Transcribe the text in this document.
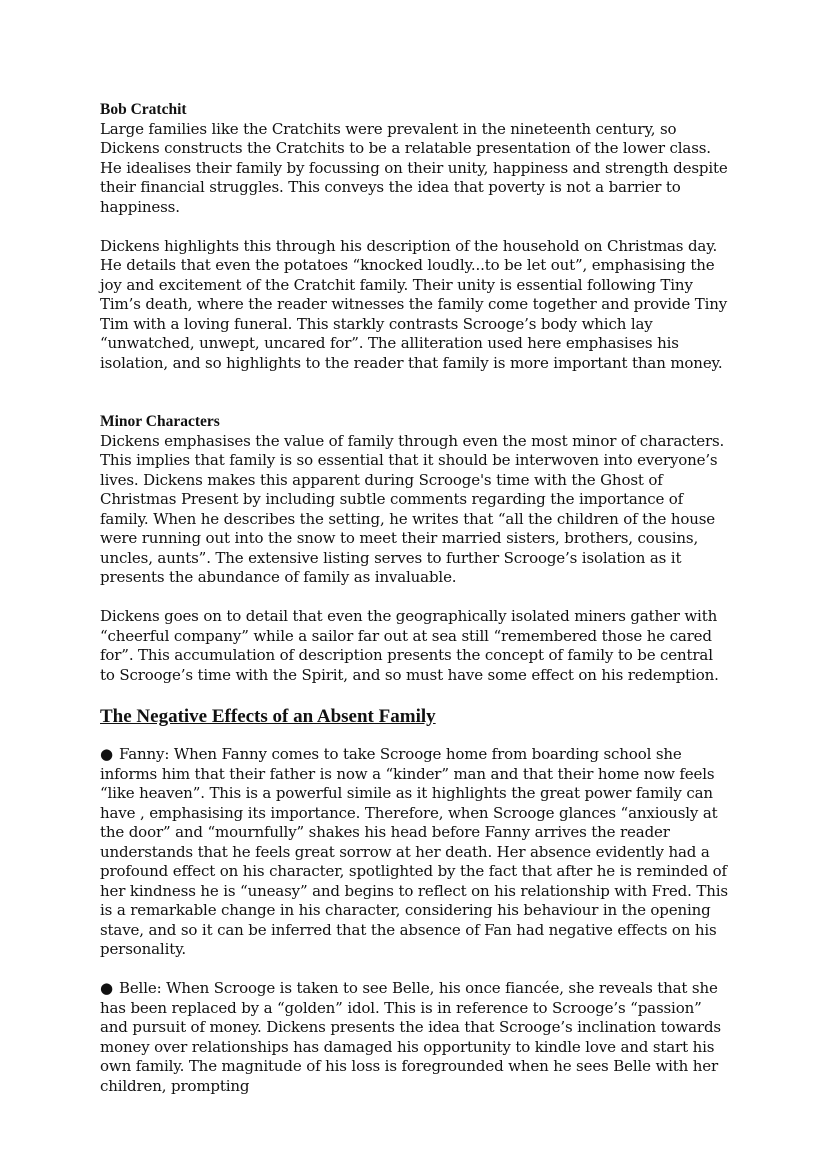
Bob Cratchit

Large families like the Cratchits were prevalent in the nineteenth century, so Dickens constructs the Cratchits to be a relatable presentation of the lower class. He idealises their family by focussing on their unity, happiness and strength despite their financial struggles. This conveys the idea that poverty is not a barrier to happiness.

Dickens highlights this through his description of the household on Christmas day. He details that even the potatoes “knocked loudly...to be let out”, emphasising the joy and excitement of the Cratchit family. Their unity is essential following Tiny Tim’s death, where the reader witnesses the family come together and provide Tiny Tim with a loving funeral. This starkly contrasts Scrooge’s body which lay “unwatched, unwept, uncared for”. The alliteration used here emphasises his isolation, and so highlights to the reader that family is more important than money.

Minor Characters

Dickens emphasises the value of family through even the most minor of characters. This implies that family is so essential that it should be interwoven into everyone’s lives. Dickens makes this apparent during Scrooge's time with the Ghost of Christmas Present by including subtle comments regarding the importance of family. When he describes the setting, he writes that “all the children of the house were running out into the snow to meet their married sisters, brothers, cousins, uncles, aunts”. The extensive listing serves to further Scrooge’s isolation as it presents the abundance of family as invaluable.

Dickens goes on to detail that even the geographically isolated miners gather with “cheerful company” while a sailor far out at sea still “remembered those he cared for”. This accumulation of description presents the concept of family to be central to Scrooge’s time with the Spirit, and so must have some effect on his redemption.

The Negative Effects of an Absent Family

● Fanny: When Fanny comes to take Scrooge home from boarding school she informs him that their father is now a “kinder” man and that their home now feels “like heaven”. This is a powerful simile as it highlights the great power family can have , emphasising its importance. Therefore, when Scrooge glances “anxiously at the door” and “mournfully” shakes his head before Fanny arrives the reader understands that he feels great sorrow at her death. Her absence evidently had a profound effect on his character, spotlighted by the fact that after he is reminded of her kindness he is “uneasy” and begins to reflect on his relationship with Fred. This is a remarkable change in his character, considering his behaviour in the opening stave, and so it can be inferred that the absence of Fan had negative effects on his personality.

● Belle: When Scrooge is taken to see Belle, his once fiancée, she reveals that she has been replaced by a “golden” idol. This is in reference to Scrooge’s “passion” and pursuit of money. Dickens presents the idea that Scrooge’s inclination towards money over relationships has damaged his opportunity to kindle love and start his own family. The magnitude of his loss is foregrounded when he sees Belle with her children, prompting
